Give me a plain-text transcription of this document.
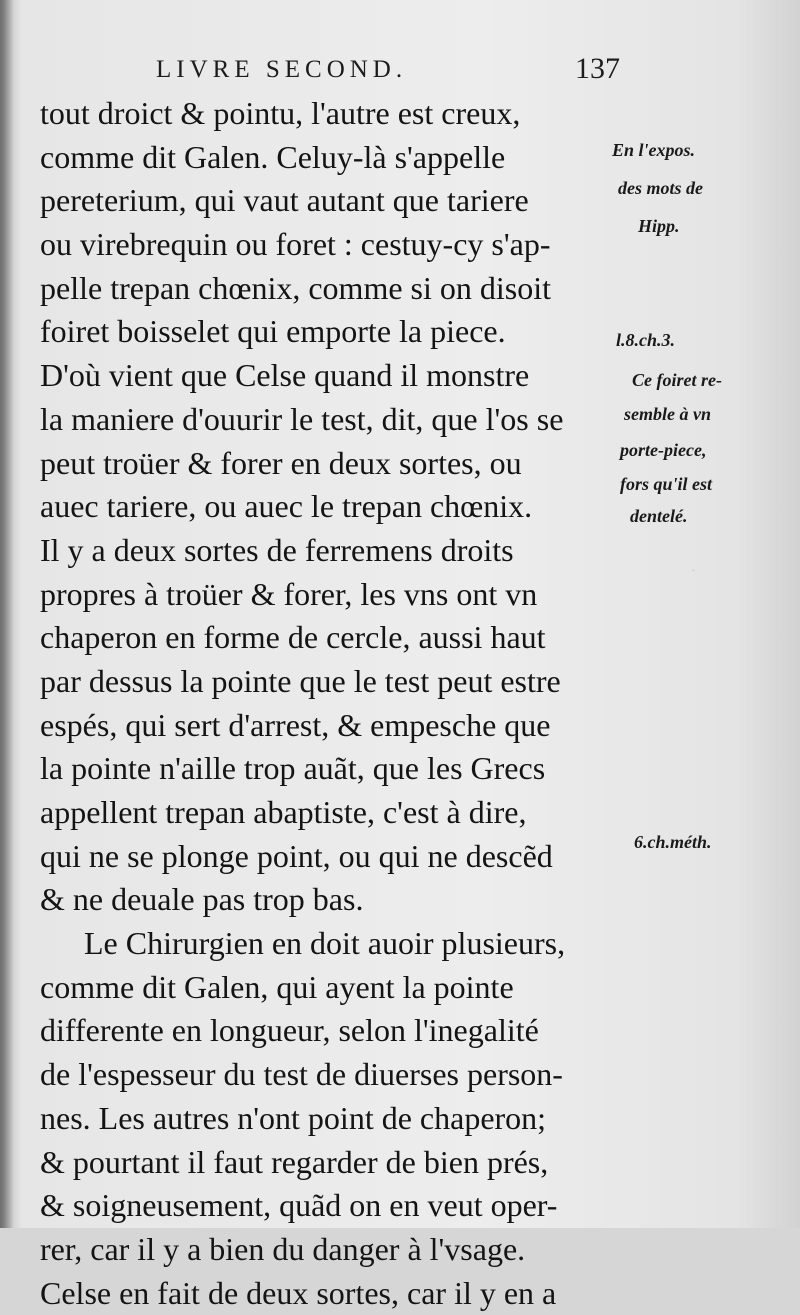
·
LIVRE SECOND.	137
tout droict & pointu, l'autre est creux,
comme dit Galen. Celuy-là s'appelle
pereterium, qui vaut autant que tariere
ou virebrequin ou foret : cestuy-cy s'ap-
pelle trepan chœnix, comme si on disoit
foiret boisselet qui emporte la piece.
D'où vient que Celse quand il monstre
la maniere d'ouurir le test, dit, que l'os se
peut troüer & forer en deux sortes, ou
auec tariere, ou auec le trepan chœnix.
Il y a deux sortes de ferremens droits
propres à troüer & forer, les vns ont vn
chaperon en forme de cercle, aussi haut
par dessus la pointe que le test peut estre
espés, qui sert d'arrest, & empesche que
la pointe n'aille trop auãt, que les Grecs
appellent trepan abaptiste, c'est à dire,
qui ne se plonge point, ou qui ne descẽd
& ne deuale pas trop bas.
Le Chirurgien en doit auoir plusieurs,
comme dit Galen, qui ayent la pointe
differente en longueur, selon l'inegalité
de l'espesseur du test de diuerses person-
nes. Les autres n'ont point de chaperon;
& pourtant il faut regarder de bien prés,
& soigneusement, quãd on en veut oper-
rer, car il y a bien du danger à l'vsage.
Celse en fait de deux sortes, car il y en a
En l'expos.
des mots de
Hipp.
l.8.ch.3.
Ce foiret re-
semble à vn
porte-piece,
fors qu'il est
dentelé.
6.ch.méth.
